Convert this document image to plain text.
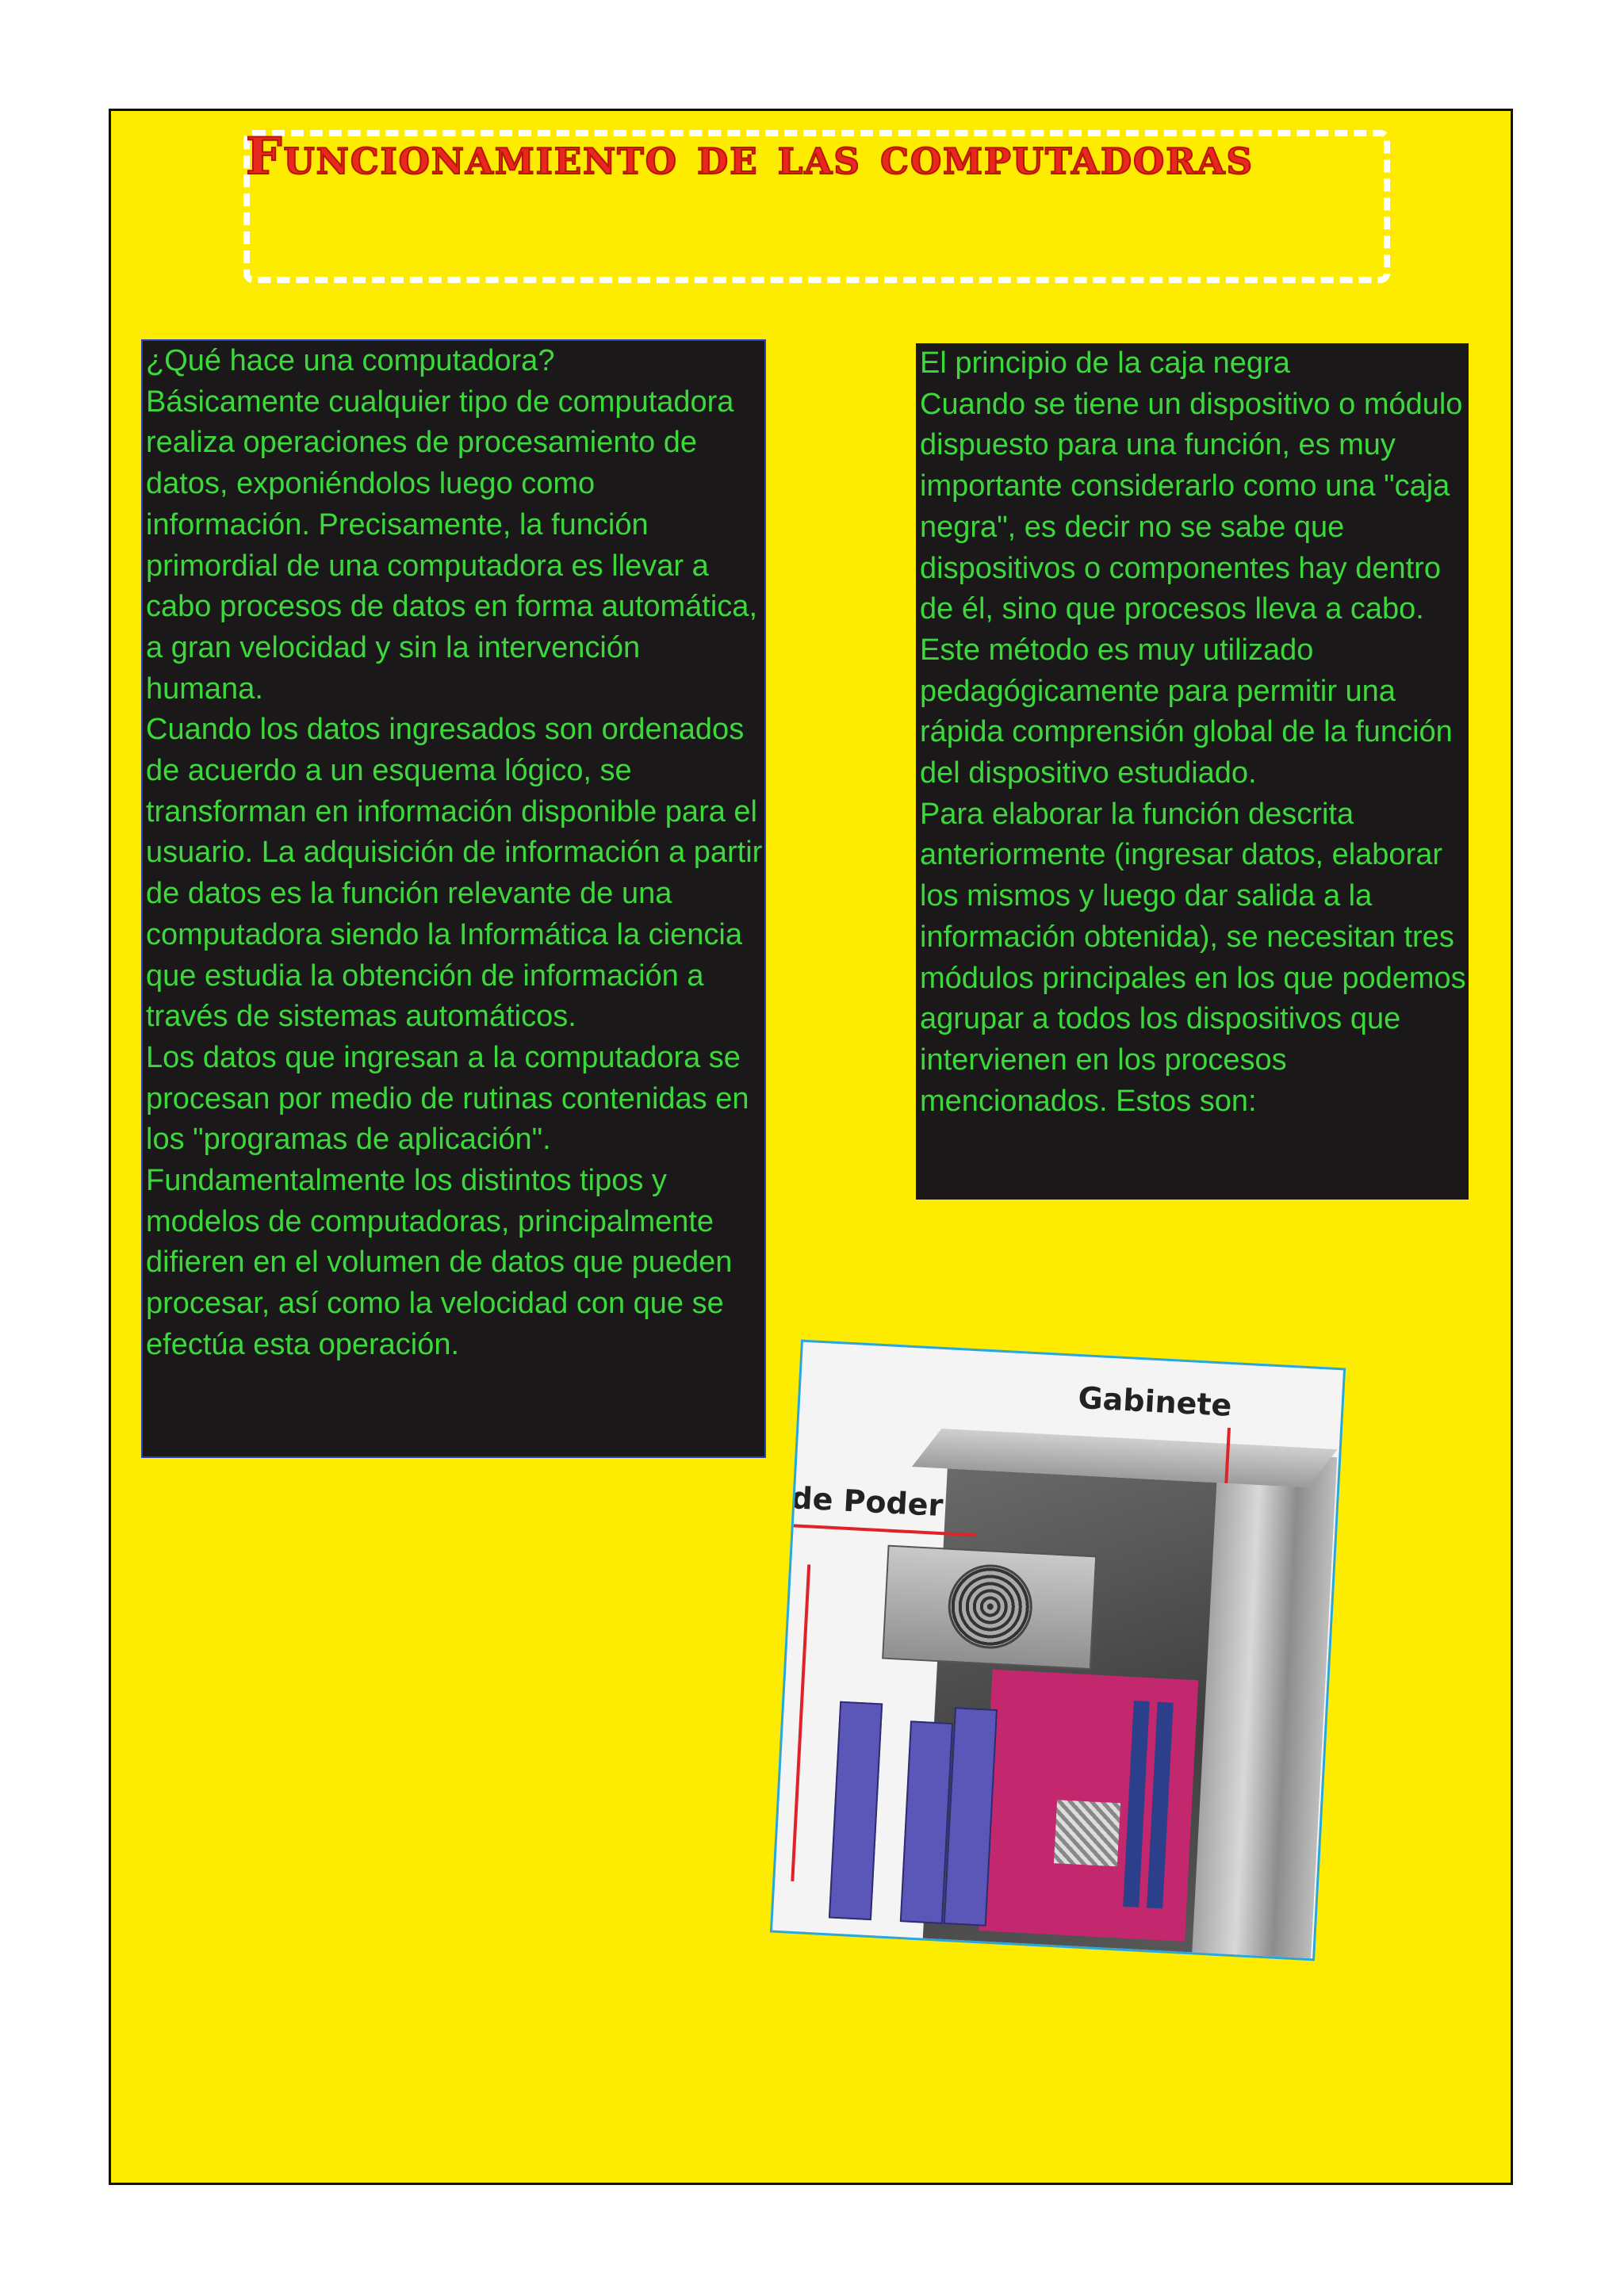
Funcionamiento de las computadoras

¿Qué hace una computadora?

Básicamente cualquier tipo de computadora realiza operaciones de procesamiento de datos, exponiéndolos luego como información. Precisamente, la función primordial de una computadora es llevar a cabo procesos de datos en forma automática, a gran velocidad y sin la intervención humana.

Cuando los datos ingresados son ordenados de acuerdo a un esquema lógico, se transforman en información disponible para el usuario. La adquisición de información a partir de datos es la función relevante de una computadora siendo la Informática la ciencia que estudia la obtención de información a través de sistemas automáticos.

Los datos que ingresan a la computadora se procesan por medio de rutinas contenidas en los "programas de aplicación". Fundamentalmente los distintos tipos y modelos de computadoras, principalmente difieren en el volumen de datos que pueden procesar, así como la velocidad con que se efectúa esta operación.

El principio de la caja negra

Cuando se tiene un dispositivo o módulo dispuesto para una función, es muy importante considerarlo como una "caja negra", es decir no se sabe que dispositivos o componentes hay dentro de él, sino que procesos lleva a cabo. Este método es muy utilizado pedagógicamente para permitir una rápida comprensión global de la función del dispositivo estudiado.

Para elaborar la función descrita anteriormente (ingresar datos, elaborar los mismos y luego dar salida a la información obtenida), se necesitan tres módulos principales en los que podemos agrupar a todos los dispositivos que intervienen en los procesos mencionados. Estos son:

Gabinete
de Poder
